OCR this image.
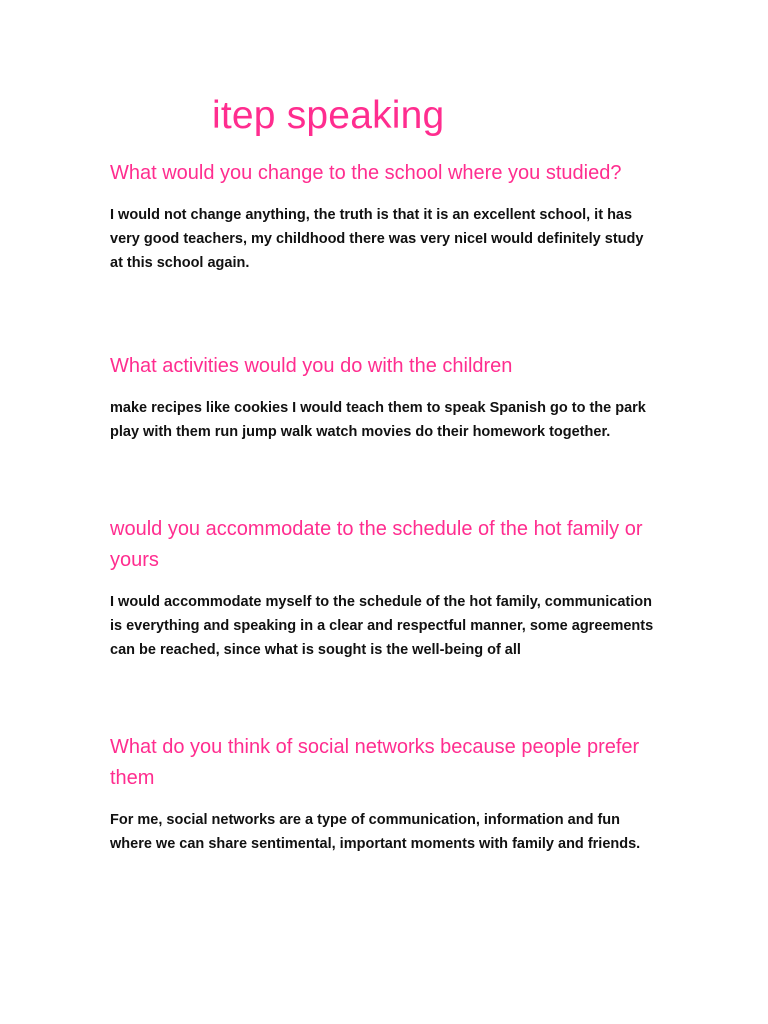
itep speaking
What would you change to the school where you studied?

I would not change anything, the truth is that it is an excellent school, it has very good teachers, my childhood there was very niceI would definitely study at this school again.

What activities would you do with the children

make recipes like cookies I would teach them to speak Spanish go to the park play with them run jump walk watch movies do their homework together.

would you accommodate to the schedule of the hot family or yours

I would accommodate myself to the schedule of the hot family, communication is everything and speaking in a clear and respectful manner, some agreements can be reached, since what is sought is the well-being of all

What do you think of social networks because people prefer them

For me, social networks are a type of communication, information and fun where we can share sentimental, important moments with family and friends.
